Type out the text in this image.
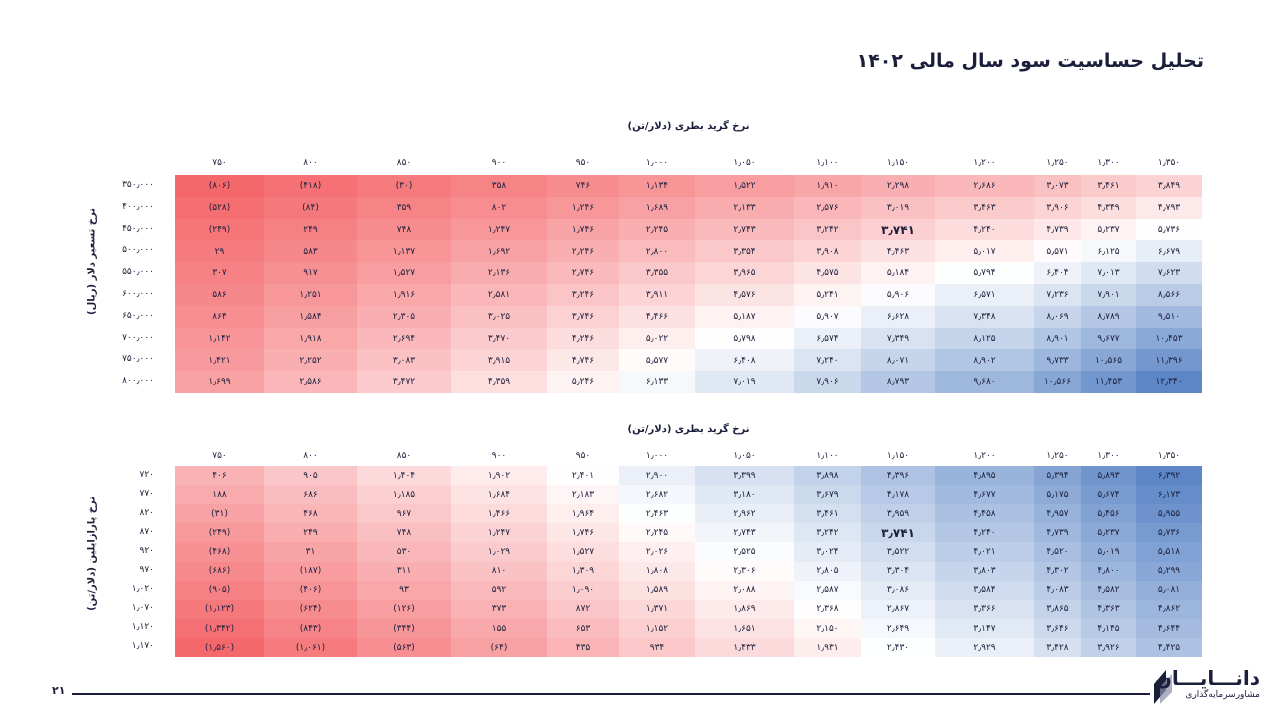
تحلیل حساسیت سود سال مالی ۱۴۰۲
نرخ گرید بطری (دلار/تن)
نرخ تسعیر دلار (ریال)
۷۵۰	۸۰۰	۸۵۰	۹۰۰	۹۵۰	۱٫۰۰۰	۱٫۰۵۰	۱٫۱۰۰	۱٫۱۵۰	۱٫۲۰۰	۱٫۲۵۰	۱٫۳۰۰	۱٫۳۵۰
۳۵۰٫۰۰۰	(۸۰۶)	(۴۱۸)	(۳۰)	۳۵۸	۷۴۶	۱٫۱۳۴	۱٫۵۲۲	۱٫۹۱۰	۲٫۲۹۸	۲٫۶۸۶	۳٫۰۷۳	۳٫۴۶۱	۳٫۸۴۹
۴۰۰٫۰۰۰	(۵۲۸)	(۸۴)	۳۵۹	۸۰۲	۱٫۲۴۶	۱٫۶۸۹	۲٫۱۳۳	۲٫۵۷۶	۳٫۰۱۹	۳٫۴۶۳	۳٫۹۰۶	۴٫۳۴۹	۴٫۷۹۳
۴۵۰٫۰۰۰	(۲۴۹)	۲۴۹	۷۴۸	۱٫۲۴۷	۱٫۷۴۶	۲٫۲۴۵	۲٫۷۴۳	۳٫۲۴۲	۳٫۷۴۱	۴٫۲۴۰	۴٫۷۳۹	۵٫۲۳۷	۵٫۷۳۶
۵۰۰٫۰۰۰	۲۹	۵۸۳	۱٫۱۳۷	۱٫۶۹۲	۲٫۲۴۶	۲٫۸۰۰	۳٫۳۵۴	۳٫۹۰۸	۴٫۴۶۳	۵٫۰۱۷	۵٫۵۷۱	۶٫۱۲۵	۶٫۶۷۹
۵۵۰٫۰۰۰	۳۰۷	۹۱۷	۱٫۵۲۷	۲٫۱۳۶	۲٫۷۴۶	۳٫۳۵۵	۳٫۹۶۵	۴٫۵۷۵	۵٫۱۸۴	۵٫۷۹۴	۶٫۴۰۴	۷٫۰۱۳	۷٫۶۲۳
۶۰۰٫۰۰۰	۵۸۶	۱٫۲۵۱	۱٫۹۱۶	۲٫۵۸۱	۳٫۲۴۶	۳٫۹۱۱	۴٫۵۷۶	۵٫۲۴۱	۵٫۹۰۶	۶٫۵۷۱	۷٫۲۳۶	۷٫۹۰۱	۸٫۵۶۶
۶۵۰٫۰۰۰	۸۶۴	۱٫۵۸۴	۲٫۳۰۵	۳٫۰۲۵	۳٫۷۴۶	۴٫۴۶۶	۵٫۱۸۷	۵٫۹۰۷	۶٫۶۲۸	۷٫۳۴۸	۸٫۰۶۹	۸٫۷۸۹	۹٫۵۱۰
۷۰۰٫۰۰۰	۱٫۱۴۲	۱٫۹۱۸	۲٫۶۹۴	۳٫۴۷۰	۴٫۲۴۶	۵٫۰۲۲	۵٫۷۹۸	۶٫۵۷۴	۷٫۳۴۹	۸٫۱۲۵	۸٫۹۰۱	۹٫۶۷۷	۱۰٫۴۵۳
۷۵۰٫۰۰۰	۱٫۴۲۱	۲٫۲۵۲	۳٫۰۸۳	۳٫۹۱۵	۴٫۷۴۶	۵٫۵۷۷	۶٫۴۰۸	۷٫۲۴۰	۸٫۰۷۱	۸٫۹۰۲	۹٫۷۳۳	۱۰٫۵۶۵	۱۱٫۳۹۶
۸۰۰٫۰۰۰	۱٫۶۹۹	۲٫۵۸۶	۳٫۴۷۲	۴٫۳۵۹	۵٫۲۴۶	۶٫۱۳۳	۷٫۰۱۹	۷٫۹۰۶	۸٫۷۹۳	۹٫۶۸۰	۱۰٫۵۶۶	۱۱٫۴۵۳	۱۲٫۳۴۰
نرخ گرید بطری (دلار/تن)
نرخ پارازایلین (دلار/تن)
۷۵۰	۸۰۰	۸۵۰	۹۰۰	۹۵۰	۱٫۰۰۰	۱٫۰۵۰	۱٫۱۰۰	۱٫۱۵۰	۱٫۲۰۰	۱٫۲۵۰	۱٫۳۰۰	۱٫۳۵۰
۷۲۰	۴۰۶	۹۰۵	۱٫۴۰۴	۱٫۹۰۲	۲٫۴۰۱	۲٫۹۰۰	۳٫۳۹۹	۳٫۸۹۸	۴٫۳۹۶	۴٫۸۹۵	۵٫۳۹۴	۵٫۸۹۳	۶٫۳۹۲
۷۷۰	۱۸۸	۶۸۶	۱٫۱۸۵	۱٫۶۸۴	۲٫۱۸۳	۲٫۶۸۲	۳٫۱۸۰	۳٫۶۷۹	۴٫۱۷۸	۴٫۶۷۷	۵٫۱۷۵	۵٫۶۷۴	۶٫۱۷۳
۸۲۰	(۳۱)	۴۶۸	۹۶۷	۱٫۴۶۶	۱٫۹۶۴	۲٫۴۶۳	۲٫۹۶۲	۳٫۴۶۱	۳٫۹۵۹	۴٫۴۵۸	۴٫۹۵۷	۵٫۴۵۶	۵٫۹۵۵
۸۷۰	(۲۴۹)	۲۴۹	۷۴۸	۱٫۲۴۷	۱٫۷۴۶	۲٫۲۴۵	۲٫۷۴۳	۳٫۲۴۲	۳٫۷۴۱	۴٫۲۴۰	۴٫۷۳۹	۵٫۲۳۷	۵٫۷۳۶
۹۲۰	(۴۶۸)	۳۱	۵۳۰	۱٫۰۲۹	۱٫۵۲۷	۲٫۰۲۶	۲٫۵۲۵	۳٫۰۲۴	۳٫۵۲۲	۴٫۰۲۱	۴٫۵۲۰	۵٫۰۱۹	۵٫۵۱۸
۹۷۰	(۶۸۶)	(۱۸۷)	۳۱۱	۸۱۰	۱٫۳۰۹	۱٫۸۰۸	۲٫۳۰۶	۲٫۸۰۵	۳٫۳۰۴	۳٫۸۰۳	۴٫۳۰۲	۴٫۸۰۰	۵٫۲۹۹
۱٫۰۲۰	(۹۰۵)	(۴۰۶)	۹۳	۵۹۲	۱٫۰۹۰	۱٫۵۸۹	۲٫۰۸۸	۲٫۵۸۷	۳٫۰۸۶	۳٫۵۸۴	۴٫۰۸۳	۴٫۵۸۲	۵٫۰۸۱
۱٫۰۷۰	(۱٫۱۲۳)	(۶۲۴)	(۱۲۶)	۳۷۳	۸۷۲	۱٫۳۷۱	۱٫۸۶۹	۲٫۳۶۸	۲٫۸۶۷	۳٫۳۶۶	۳٫۸۶۵	۴٫۳۶۳	۴٫۸۶۲
۱٫۱۲۰	(۱٫۳۴۲)	(۸۴۳)	(۳۴۴)	۱۵۵	۶۵۳	۱٫۱۵۲	۱٫۶۵۱	۲٫۱۵۰	۲٫۶۴۹	۳٫۱۴۷	۳٫۶۴۶	۴٫۱۴۵	۴٫۶۴۴
۱٫۱۷۰	(۱٫۵۶۰)	(۱٫۰۶۱)	(۵۶۳)	(۶۴)	۴۳۵	۹۳۴	۱٫۴۳۳	۱٫۹۳۱	۲٫۴۳۰	۲٫۹۲۹	۳٫۴۲۸	۳٫۹۲۶	۴٫۴۲۵
۲۱
دانـــایـــان
مشاورسرمایه‌گذاری
